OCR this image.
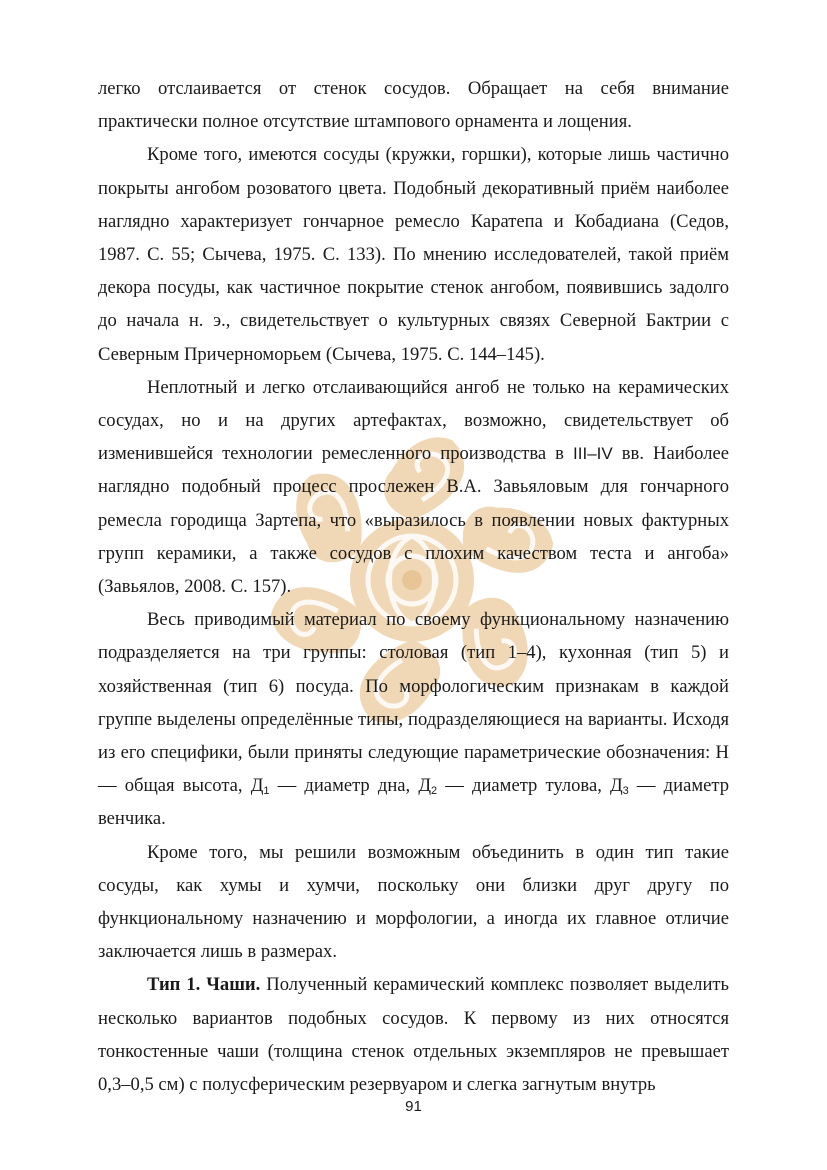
легко отслаивается от стенок сосудов. Обращает на себя внимание практически полное отсутствие штампового орнамента и лощения.

Кроме того, имеются сосуды (кружки, горшки), которые лишь частично покрыты ангобом розоватого цвета. Подобный декоративный приём наиболее наглядно характеризует гончарное ремесло Каратепа и Кобадиана (Седов, 1987. С. 55; Сычева, 1975. С. 133). По мнению исследователей, такой приём декора посуды, как частичное покрытие стенок ангобом, появившись задолго до начала н. э., свидетельствует о культурных связях Северной Бактрии с Северным Причерноморьем (Сычева, 1975. С. 144–145).

Неплотный и легко отслаивающийся ангоб не только на керамических сосудах, но и на других артефактах, возможно, свидетельствует об изменившейся технологии ремесленного производства в III–IV вв. Наиболее наглядно подобный процесс прослежен В.А. Завьяловым для гончарного ремесла городища Зартепа, что «выразилось в появлении новых фактурных групп керамики, а также сосудов с плохим качеством теста и ангоба» (Завьялов, 2008. С. 157).

Весь приводимый материал по своему функциональному назначению подразделяется на три группы: столовая (тип 1–4), кухонная (тип 5) и хозяйственная (тип 6) посуда. По морфологическим признакам в каждой группе выделены определённые типы, подразделяющиеся на варианты. Исходя из его специфики, были приняты следующие параметрические обозначения: Н — общая высота, $Д_1$ — диаметр дна, $Д_2$ — диаметр тулова, $Д_3$ — диаметр венчика.

Кроме того, мы решили возможным объединить в один тип такие сосуды, как хумы и хумчи, поскольку они близки друг другу по функциональному назначению и морфологии, а иногда их главное отличие заключается лишь в размерах.

Тип 1. Чаши. Полученный керамический комплекс позволяет выделить несколько вариантов подобных сосудов. К первому из них относятся тонкостенные чаши (толщина стенок отдельных экземпляров не превышает 0,3–0,5 см) с полусферическим резервуаром и слегка загнутым внутрь

91
